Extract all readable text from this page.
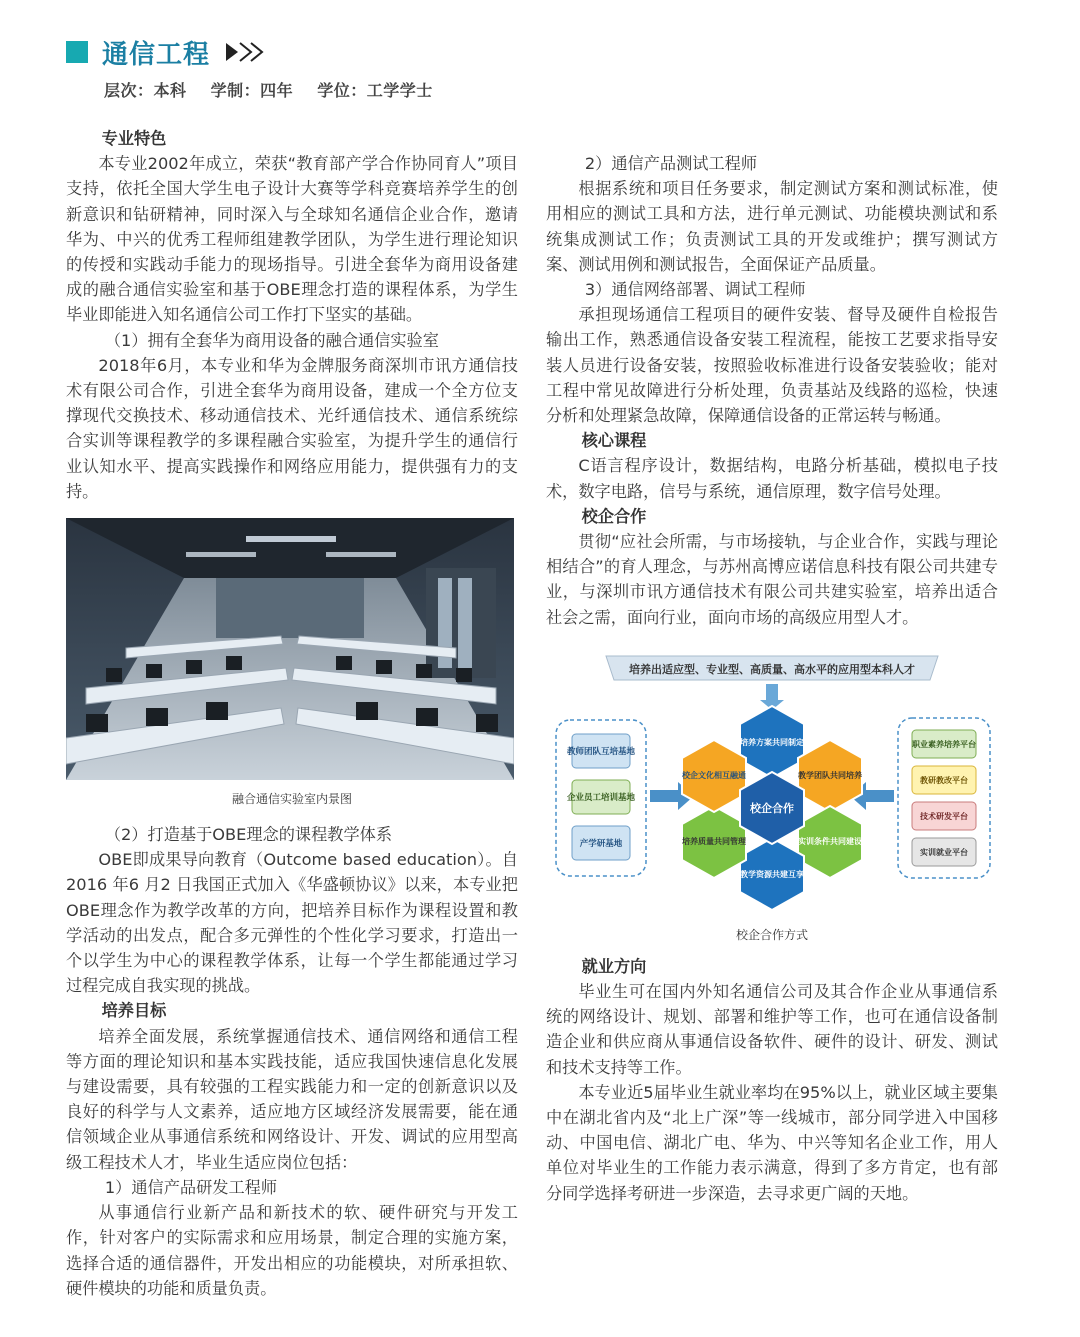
通信工程
层次：本科 学制：四年 学位：工学学士

专业特色

本专业2002年成立，荣获“教育部产学合作协同育人”项目支持，依托全国大学生电子设计大赛等学科竞赛培养学生的创新意识和钻研精神，同时深入与全球知名通信企业合作，邀请华为、中兴的优秀工程师组建教学团队，为学生进行理论知识的传授和实践动手能力的现场指导。引进全套华为商用设备建成的融合通信实验室和基于OBE理念打造的课程体系，为学生毕业即能进入知名通信公司工作打下坚实的基础。

（1）拥有全套华为商用设备的融合通信实验室

2018年6月，本专业和华为金牌服务商深圳市讯方通信技术有限公司合作，引进全套华为商用设备，建成一个全方位支撑现代交换技术、移动通信技术、光纤通信技术、通信系统综合实训等课程教学的多课程融合实验室，为提升学生的通信行业认知水平、提高实践操作和网络应用能力，提供强有力的支持。

融合通信实验室内景图

（2）打造基于OBE理念的课程教学体系

OBE即成果导向教育（Outcome based education）。自2016 年6 月2 日我国正式加入《华盛顿协议》以来，本专业把OBE理念作为教学改革的方向，把培养目标作为课程设置和教学活动的出发点，配合多元弹性的个性化学习要求，打造出一个以学生为中心的课程教学体系，让每一个学生都能通过学习过程完成自我实现的挑战。

培养目标

培养全面发展，系统掌握通信技术、通信网络和通信工程等方面的理论知识和基本实践技能，适应我国快速信息化发展与建设需要，具有较强的工程实践能力和一定的创新意识以及良好的科学与人文素养，适应地方区域经济发展需要，能在通信领域企业从事通信系统和网络设计、开发、调试的应用型高级工程技术人才，毕业生适应岗位包括：

1）通信产品研发工程师

从事通信行业新产品和新技术的软、硬件研究与开发工作，针对客户的实际需求和应用场景，制定合理的实施方案，选择合适的通信器件，开发出相应的功能模块，对所承担软、硬件模块的功能和质量负责。

2）通信产品测试工程师

根据系统和项目任务要求，制定测试方案和测试标准，使用相应的测试工具和方法，进行单元测试、功能模块测试和系统集成测试工作；负责测试工具的开发或维护；撰写测试方案、测试用例和测试报告，全面保证产品质量。

3）通信网络部署、调试工程师

承担现场通信工程项目的硬件安装、督导及硬件自检报告输出工作，熟悉通信设备安装工程流程，能按工艺要求指导安装人员进行设备安装，按照验收标准进行设备安装验收；能对工程中常见故障进行分析处理，负责基站及线路的巡检，快速分析和处理紧急故障，保障通信设备的正常运转与畅通。

核心课程

C语言程序设计，数据结构，电路分析基础，模拟电子技术，数字电路，信号与系统，通信原理，数字信号处理。

校企合作

贯彻“应社会所需，与市场接轨，与企业合作，实践与理论相结合”的育人理念，与苏州高博应诺信息科技有限公司共建专业，与深圳市讯方通信技术有限公司共建实验室，培养出适合社会之需，面向行业，面向市场的高级应用型人才。

培养出适应型、专业型、高质量、高水平的应用型本科人才
教师团队互培基地
企业员工培训基地
产学研基地
职业素养培养平台
教研教改平台
技术研发平台
实训就业平台
培养方案共同制定
教学团队共同培养
实训条件共同建设
教学资源共建互享
培养质量共同管理
校企文化相互融通
校企合作
校企合作方式

就业方向

毕业生可在国内外知名通信公司及其合作企业从事通信系统的网络设计、规划、部署和维护等工作，也可在通信设备制造企业和供应商从事通信设备软件、硬件的设计、研发、测试和技术支持等工作。

本专业近5届毕业生就业率均在95%以上，就业区域主要集中在湖北省内及“北上广深”等一线城市，部分同学进入中国移动、中国电信、湖北广电、华为、中兴等知名企业工作，用人单位对毕业生的工作能力表示满意，得到了多方肯定，也有部分同学选择考研进一步深造，去寻求更广阔的天地。
